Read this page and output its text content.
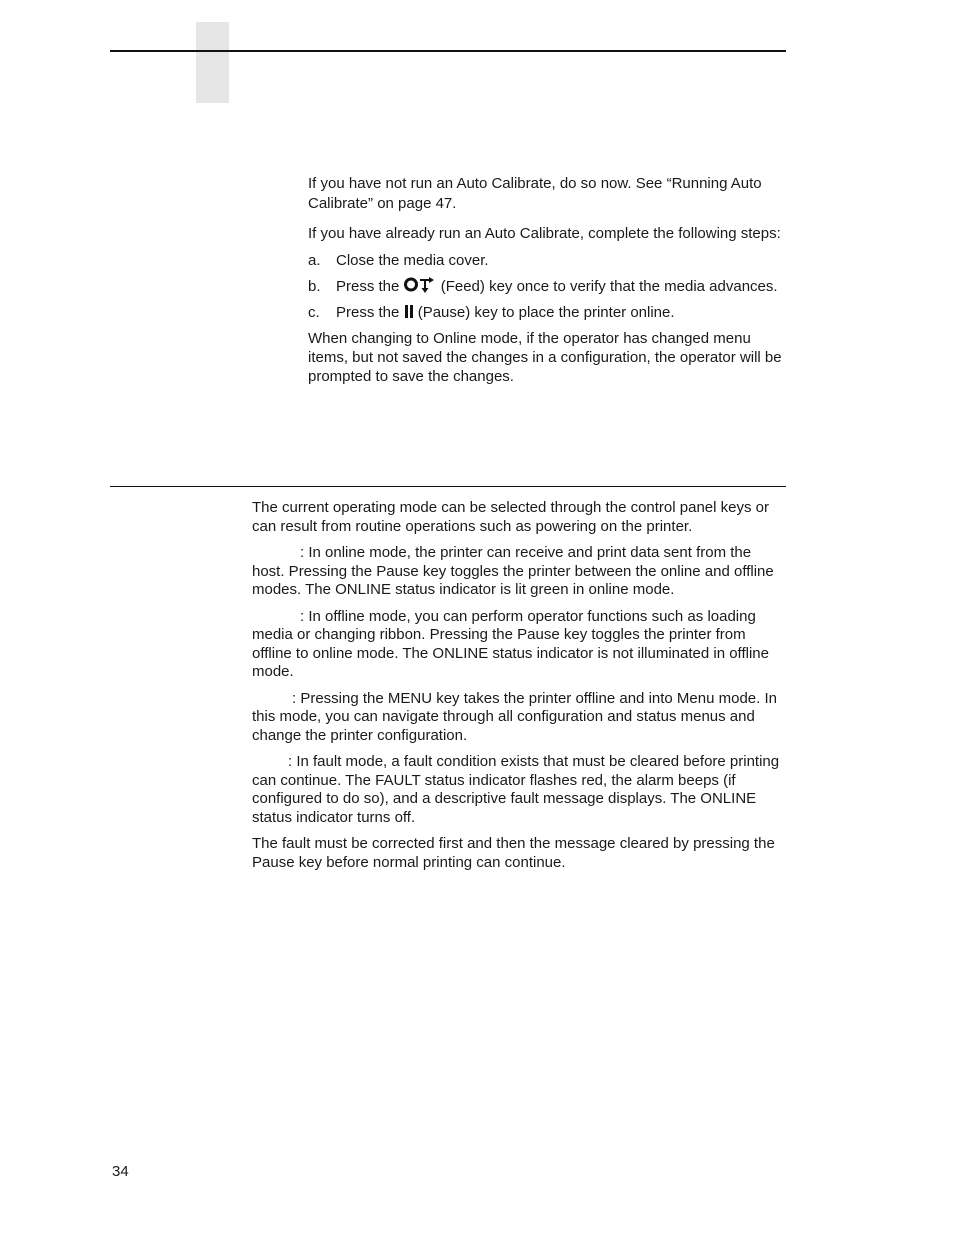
If you have not run an Auto Calibrate, do so now. See “Running Auto Calibrate” on page 47.

If you have already run an Auto Calibrate, complete the following steps:

a.	Close the media cover.
b.	Press the	(Feed) key once to verify that the media advances.
c.	Press the (Pause) key to place the printer online.

When changing to Online mode, if the operator has changed menu items, but not saved the changes in a configuration, the operator will be prompted to save the changes.

The current operating mode can be selected through the control panel keys or can result from routine operations such as powering on the printer.

: In online mode, the printer can receive and print data sent from the host. Pressing the Pause key toggles the printer between the online and offline modes. The ONLINE status indicator is lit green in online mode.

: In offline mode, you can perform operator functions such as loading media or changing ribbon. Pressing the Pause key toggles the printer from offline to online mode. The ONLINE status indicator is not illuminated in offline mode.

: Pressing the MENU key takes the printer offline and into Menu mode. In this mode, you can navigate through all configuration and status menus and change the printer configuration.

: In fault mode, a fault condition exists that must be cleared before printing can continue. The FAULT status indicator flashes red, the alarm beeps (if configured to do so), and a descriptive fault message displays. The ONLINE status indicator turns off.

The fault must be corrected first and then the message cleared by pressing the Pause key before normal printing can continue.

34
